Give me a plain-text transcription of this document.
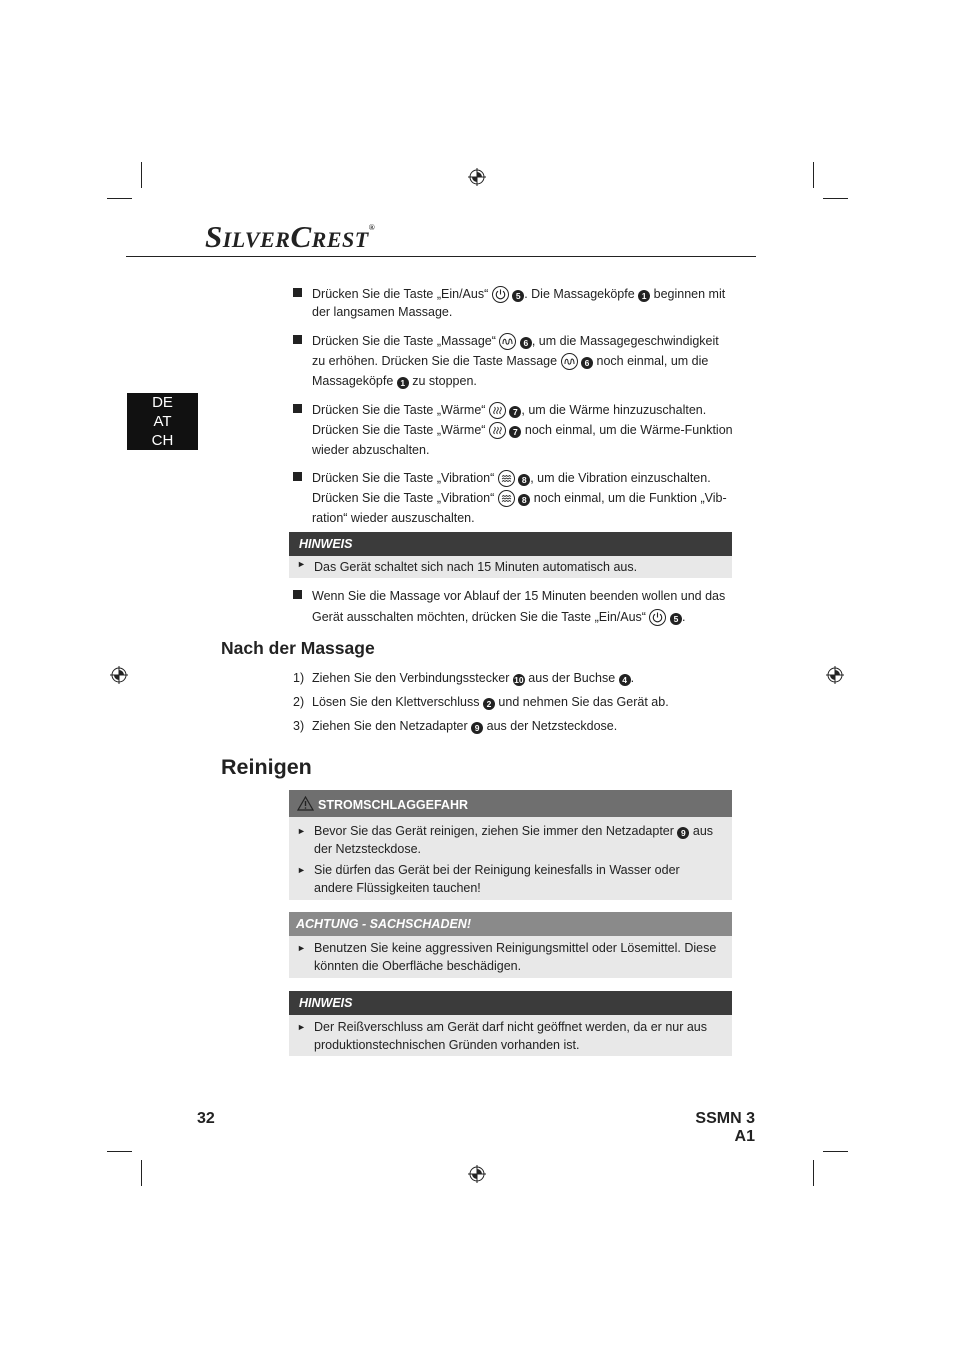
SILVERCREST®
DE
AT
CH
Drücken Sie die Taste „Ein/Aus“	5 . Die Massageköpfe 1 beginnen mit der langsamen Massage.
Drücken Sie die Taste „Massage“	6 , um die Massagegeschwindigkeit zu erhöhen. Drücken Sie die Taste Massage	6 noch einmal, um die Massageköpfe 1 zu stoppen.
Drücken Sie die Taste „Wärme“	7 , um die Wärme hinzuzuschalten. Drücken Sie die Taste „Wärme“	7 noch einmal, um die Wärme-Funktion wieder abzuschalten.
Drücken Sie die Taste „Vibration“	8 , um die Vibration einzuschalten. Drücken Sie die Taste „Vibration“	8 noch einmal, um die Funktion „Vib-ration“ wieder auszuschalten.
HINWEIS
► Das Gerät schaltet sich nach 15 Minuten automatisch aus.
Wenn Sie die Massage vor Ablauf der 15 Minuten beenden wollen und das Gerät ausschalten möchten, drücken Sie die Taste „Ein/Aus“	5 .
Nach der Massage
1) Ziehen Sie den Verbindungsstecker 10 aus der Buchse 4 .
2) Lösen Sie den Klettverschluss 2 und nehmen Sie das Gerät ab.
3) Ziehen Sie den Netzadapter 9 aus der Netzsteckdose.
Reinigen
STROMSCHLAGGEFAHR
► Bevor Sie das Gerät reinigen, ziehen Sie immer den Netzadapter 9 aus der Netzsteckdose.
► Sie dürfen das Gerät bei der Reinigung keinesfalls in Wasser oder andere Flüssigkeiten tauchen!
ACHTUNG - SACHSCHADEN!
► Benutzen Sie keine aggressiven Reinigungsmittel oder Lösemittel. Diese könnten die Oberfläche beschädigen.
HINWEIS
► Der Reißverschluss am Gerät darf nicht geöffnet werden, da er nur aus produktionstechnischen Gründen vorhanden ist.
32	SSMN 3 A1
